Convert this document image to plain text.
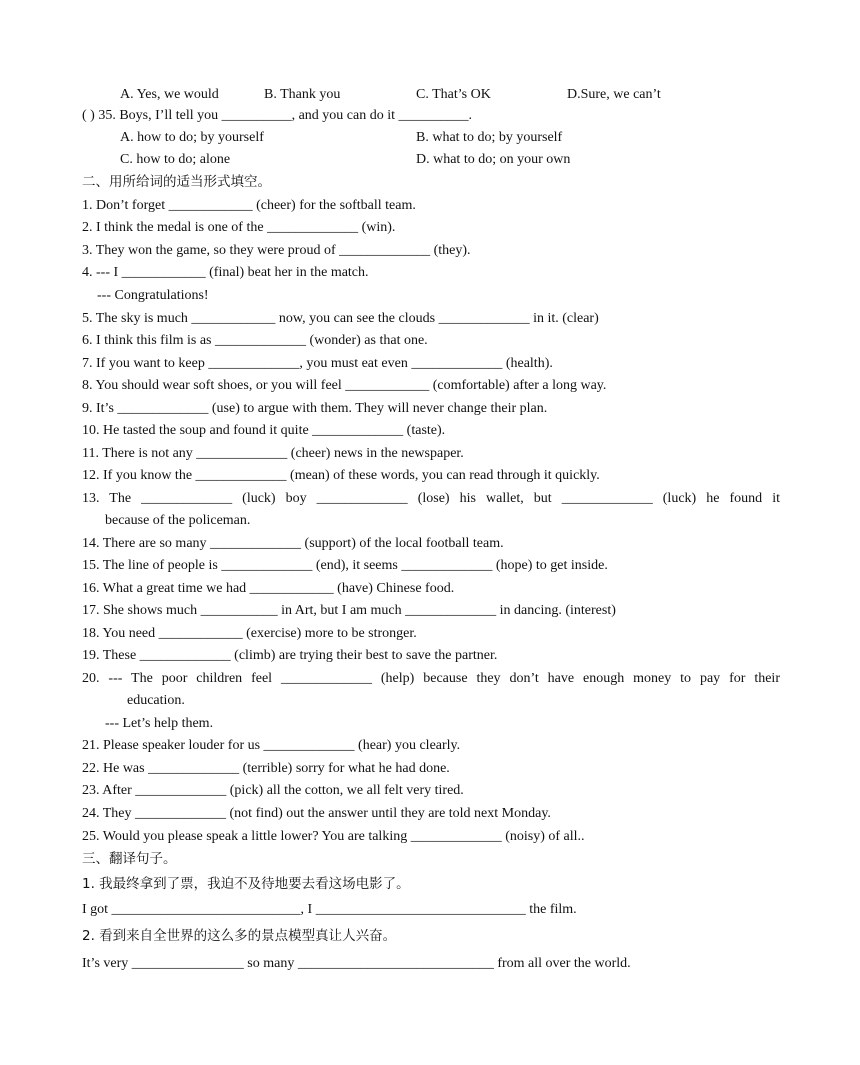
A. Yes, we would	B. Thank you	C. That’s OK	D.Sure, we can’t
( ) 35. Boys, I’ll tell you __________, and you can do it __________.
A. how to do; by yourself	B. what to do; by yourself
C. how to do; alone	D. what to do; on your own
二、用所给词的适当形式填空。
1. Don’t forget ____________ (cheer) for the softball team.
2. I think the medal is one of the _____________ (win).
3. They won the game, so they were proud of _____________ (they).
4. --- I ____________ (final) beat her in the match.
--- Congratulations!
5. The sky is much ____________ now, you can see the clouds _____________ in it. (clear)
6. I think this film is as _____________ (wonder) as that one.
7. If you want to keep _____________, you must eat even _____________ (health).
8. You should wear soft shoes, or you will feel ____________ (comfortable) after a long way.
9. It’s _____________ (use) to argue with them. They will never change their plan.
10. He tasted the soup and found it quite _____________ (taste).
11. There is not any _____________ (cheer) news in the newspaper.
12. If you know the _____________ (mean) of these words, you can read through it quickly.
13. The _____________ (luck) boy _____________ (lose) his wallet, but _____________ (luck) he found it
because of the policeman.
14. There are so many _____________ (support) of the local football team.
15. The line of people is _____________ (end), it seems _____________ (hope) to get inside.
16. What a great time we had ____________ (have) Chinese food.
17. She shows much ___________ in Art, but I am much _____________ in dancing. (interest)
18. You need ____________ (exercise) more to be stronger.
19. These _____________ (climb) are trying their best to save the partner.
20. --- The poor children feel _____________ (help) because they don’t have enough money to pay for their
education.
--- Let’s help them.
21. Please speaker louder for us _____________ (hear) you clearly.
22. He was _____________ (terrible) sorry for what he had done.
23. After _____________ (pick) all the cotton, we all felt very tired.
24. They _____________ (not find) out the answer until they are told next Monday.
25. Would you please speak a little lower? You are talking _____________ (noisy) of all..
三、翻译句子。
1. 我最终拿到了票，我迫不及待地要去看这场电影了。
I got ___________________________, I ______________________________ the film.
2. 看到来自全世界的这么多的景点模型真让人兴奋。
It’s very ________________ so many ____________________________ from all over the world.
